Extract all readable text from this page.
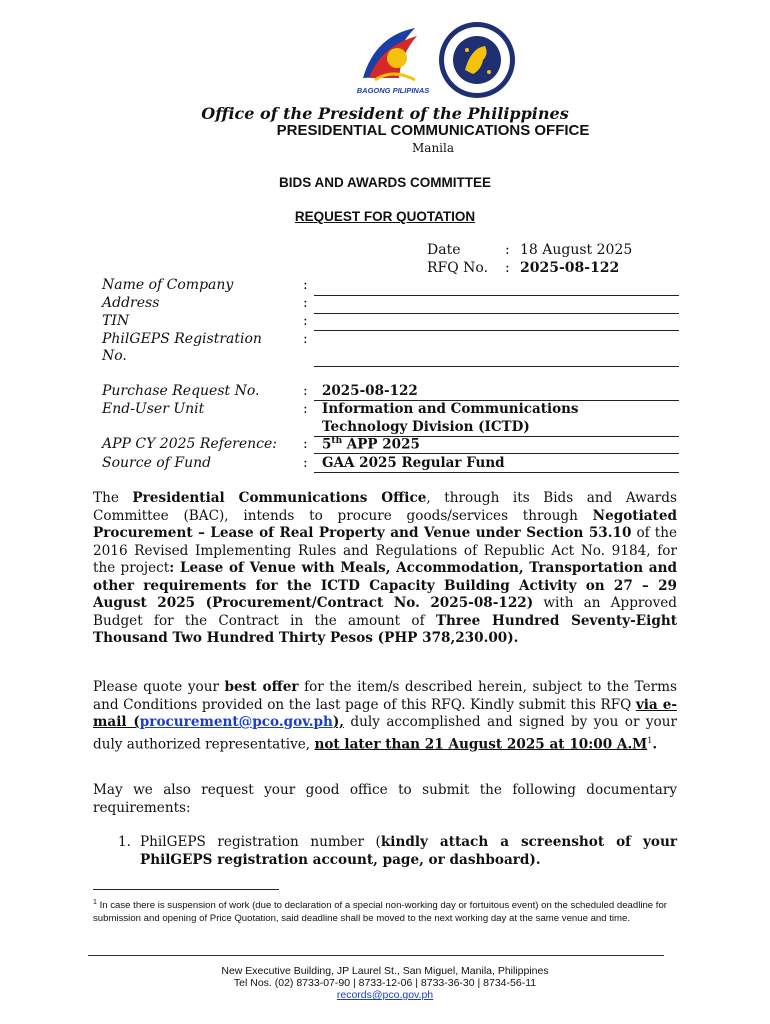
BAGONG PILIPINAS
Office of the President of the Philippines
PRESIDENTIAL COMMUNICATIONS OFFICE
Manila
BIDS AND AWARDS COMMITTEE
REQUEST FOR QUOTATION
Date	: 18 August 2025
RFQ No. : 2025-08-122
Name of Company	:
Address	:
TIN	:
PhilGEPS Registration
No.
:
Purchase Request No.	: 2025-08-122
End-User Unit	: Information and Communications
Technology Division (ICTD)
APP CY 2025 Reference: : 5th APP 2025
Source of Fund	: GAA 2025 Regular Fund
The Presidential Communications Office, through its Bids and Awards Committee (BAC), intends to procure goods/services through Negotiated Procurement – Lease of Real Property and Venue under Section 53.10 of the 2016 Revised Implementing Rules and Regulations of Republic Act No. 9184, for the project: Lease of Venue with Meals, Accommodation, Transportation and other requirements for the ICTD Capacity Building Activity on 27 – 29 August 2025 (Procurement/Contract No. 2025-08-122) with an Approved Budget for the Contract in the amount of Three Hundred Seventy-Eight Thousand Two Hundred Thirty Pesos (PHP 378,230.00).
Please quote your best offer for the item/s described herein, subject to the Terms and Conditions provided on the last page of this RFQ. Kindly submit this RFQ via e-mail (procurement@pco.gov.ph), duly accomplished and signed by you or your duly authorized representative, not later than 21 August 2025 at 10:00 $A.M^1$.
May we also request your good office to submit the following documentary requirements:
1. PhilGEPS registration number (kindly attach a screenshot of your PhilGEPS registration account, page, or dashboard).
$^1$ In case there is suspension of work (due to declaration of a special non-working day or fortuitous event) on the scheduled deadline for submission and opening of Price Quotation, said deadline shall be moved to the next working day at the same venue and time.
New Executive Building, JP Laurel St., San Miguel, Manila, Philippines
Tel Nos. (02) 8733-07-90 | 8733-12-06 | 8733-36-30 | 8734-56-11
records@pco.gov.ph
